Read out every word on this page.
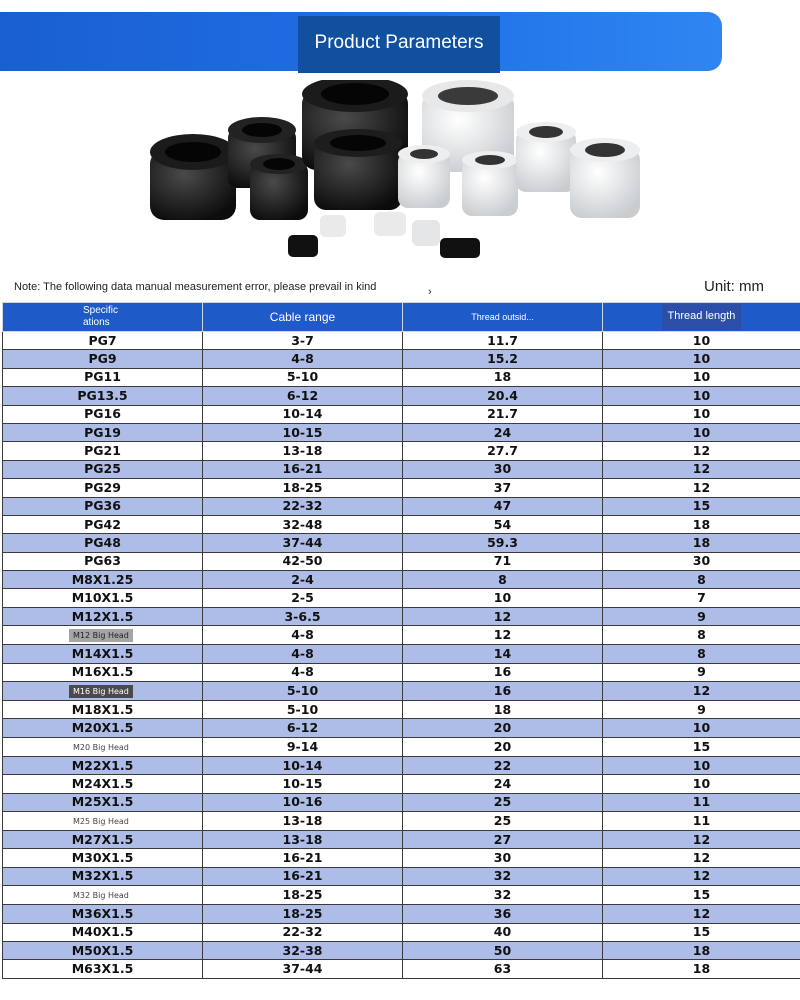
Product Parameters
Note: The following data manual measurement error, please prevail in kind	›	Unit: mm
Specific
ations	Cable range	Thread outsid...	Thread length
PG7	3-7	11.7	10
PG9	4-8	15.2	10
PG11	5-10	18	10
PG13.5	6-12	20.4	10
PG16	10-14	21.7	10
PG19	10-15	24	10
PG21	13-18	27.7	12
PG25	16-21	30	12
PG29	18-25	37	12
PG36	22-32	47	15
PG42	32-48	54	18
PG48	37-44	59.3	18
PG63	42-50	71	30
M8X1.25	2-4	8	8
M10X1.5	2-5	10	7
M12X1.5	3-6.5	12	9
M12 Big Head	4-8	12	8
M14X1.5	4-8	14	8
M16X1.5	4-8	16	9
M16 Big Head	5-10	16	12
M18X1.5	5-10	18	9
M20X1.5	6-12	20	10
M20 Big Head	9-14	20	15
M22X1.5	10-14	22	10
M24X1.5	10-15	24	10
M25X1.5	10-16	25	11
M25 Big Head	13-18	25	11
M27X1.5	13-18	27	12
M30X1.5	16-21	30	12
M32X1.5	16-21	32	12
M32 Big Head	18-25	32	15
M36X1.5	18-25	36	12
M40X1.5	22-32	40	15
M50X1.5	32-38	50	18
M63X1.5	37-44	63	18
